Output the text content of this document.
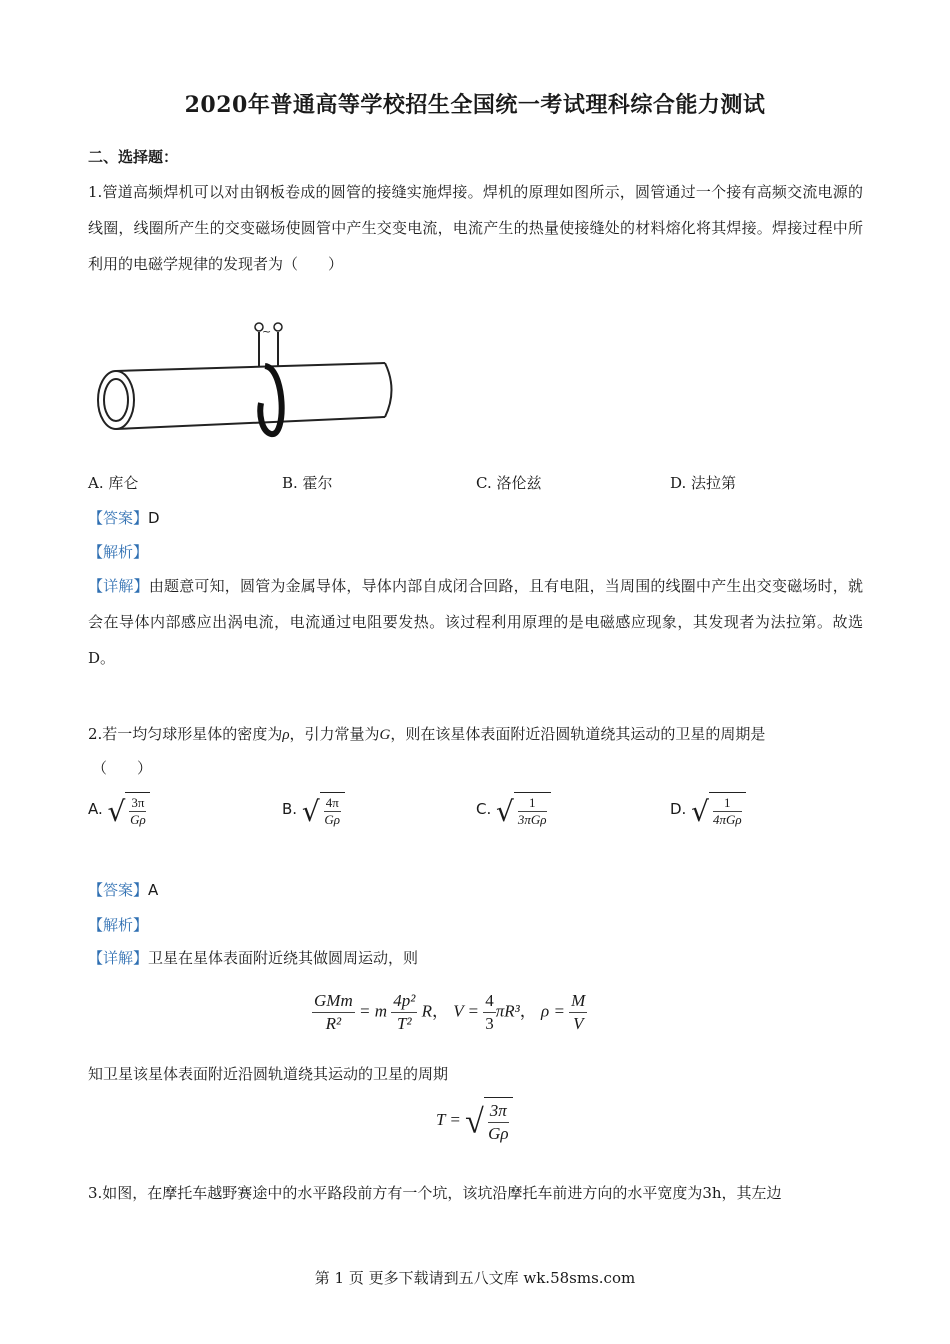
2020年普通高等学校招生全国统一考试理科综合能力测试
二、选择题：
1.管道高频焊机可以对由钢板卷成的圆管的接缝实施焊接。焊机的原理如图所示，圆管通过一个接有高频交流电源的线圈，线圈所产生的交变磁场使圆管中产生交变电流，电流产生的热量使接缝处的材料熔化将其焊接。焊接过程中所利用的电磁学规律的发现者为（　　）
~
A. 库仑	B. 霍尔	C. 洛伦兹	D. 法拉第
【答案】D
【解析】
【详解】由题意可知，圆管为金属导体，导体内部自成闭合回路，且有电阻，当周围的线圈中产生出交变磁场时，就会在导体内部感应出涡电流，电流通过电阻要发热。该过程利用原理的是电磁感应现象，其发现者为法拉第。故选D。
2.若一均匀球形星体的密度为ρ，引力常量为G，则在该星体表面附近沿圆轨道绕其运动的卫星的周期是
（　　）
A. √ $\frac{3\pi}{G\rho}$	B. √ $\frac{4\pi}{G\rho}$	C. √ $\frac{1}{\text{3πGρ}}$	D. √ $\frac{1}{\text{4πGρ}}$
【答案】A
【解析】
【详解】卫星在星体表面附近绕其做圆周运动，则
$\frac{\text{GMm}}{\text{R²}} = m \frac{\text{4p²}}{\text{T²}}$ R， $V = \frac{4}{3} \pi R^3$， $\rho = \frac{M}{V}$
知卫星该星体表面附近沿圆轨道绕其运动的卫星的周期
T = √ $\frac{3\pi}{G\rho}$
3.如图，在摩托车越野赛途中的水平路段前方有一个坑，该坑沿摩托车前进方向的水平宽度为3h，其左边
第 1 页 更多下载请到五八文库 wk.58sms.com
